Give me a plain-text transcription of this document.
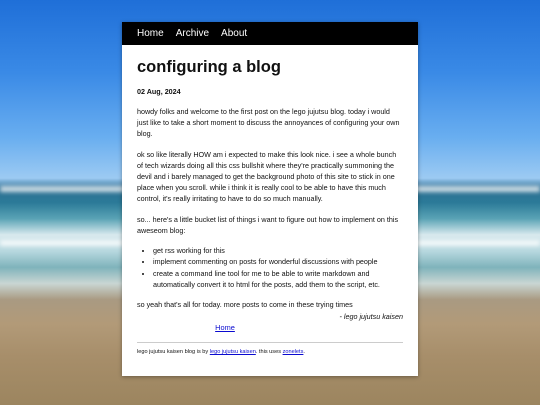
Home Archive About
configuring a blog
02 Aug, 2024

howdy folks and welcome to the first post on the lego jujutsu blog. today i would just like to take a short moment to discuss the annoyances of configuring your own blog.

ok so like literally HOW am i expected to make this look nice. i see a whole bunch of tech wizards doing all this css bullshit where they're practically summoning the devil and i barely managed to get the background photo of this site to stick in one place when you scroll. while i think it is really cool to be able to have this much control, it's really irritating to have to do so much manually.

so... here's a little bucket list of things i want to figure out how to implement on this aweseom blog:

• get rss working for this
• implement commenting on posts for wonderful discussions with people
• create a command line tool for me to be able to write markdown and automatically convert it to html for the posts, add them to the script, etc.

so yeah that's all for today. more posts to come in these trying times

- lego jujutsu kaisen
Home
lego jujutsu kaisen blog is by lego jujutsu kaisen. this uses zonelets.
